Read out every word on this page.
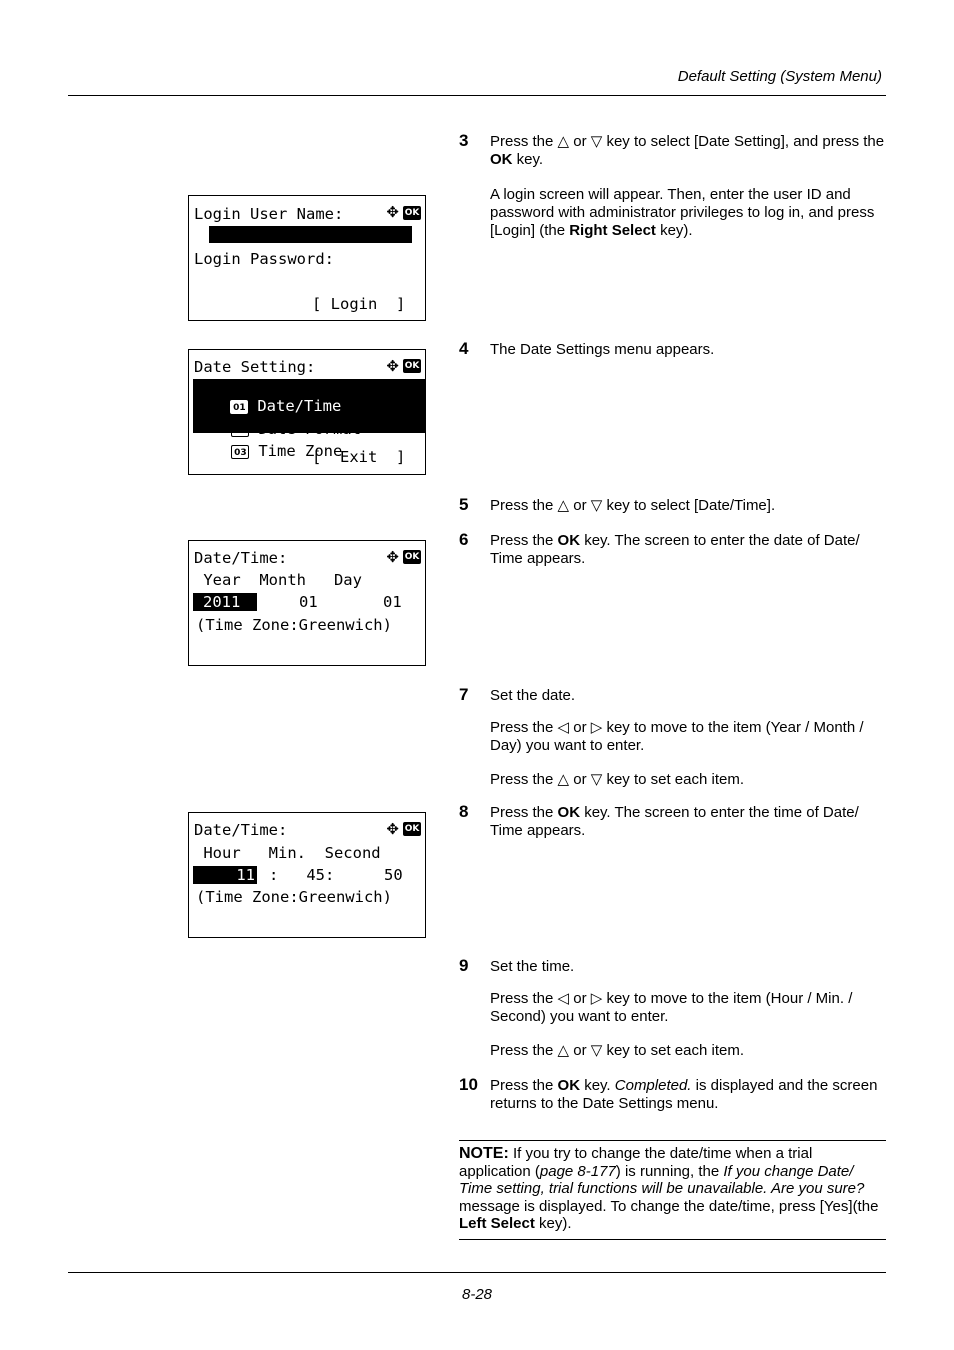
Default Setting (System Menu)
Login User Name:	✥ OK
Login Password:
[ Login  ]
Date Setting:	✥ OK

01 Date/Time

02 Date Format

03 Time Zone

[  Exit  ]
Date/Time:	✥ OK
Year  Month   Day
2011	01	01
(Time Zone:Greenwich)
Date/Time:	✥ OK
Hour   Min.  Second
11 :   45:	50
(Time Zone:Greenwich)
3 Press the △ or ▽ key to select [Date Setting], and press the OK key.

A login screen will appear. Then, enter the user ID and password with administrator privileges to log in, and press [Login] (the Right Select key).

4 The Date Settings menu appears.
5 Press the △ or ▽ key to select [Date/Time].
6 Press the OK key. The screen to enter the date of Date/ Time appears.

7 Set the date.

Press the ◁ or ▷ key to move to the item (Year / Month / Day) you want to enter.

Press the △ or ▽ key to set each item.

8 Press the OK key. The screen to enter the time of Date/ Time appears.

9 Set the time.

Press the ◁ or ▷ key to move to the item (Hour / Min. / Second) you want to enter.

Press the △ or ▽ key to set each item.

10 Press the OK key. Completed. is displayed and the screen returns to the Date Settings menu.

NOTE: If you try to change the date/time when a trial application (page 8-177) is running, the If you change Date/ Time setting, trial functions will be unavailable. Are you sure? message is displayed. To change the date/time, press [Yes](the Left Select key).
8-28
